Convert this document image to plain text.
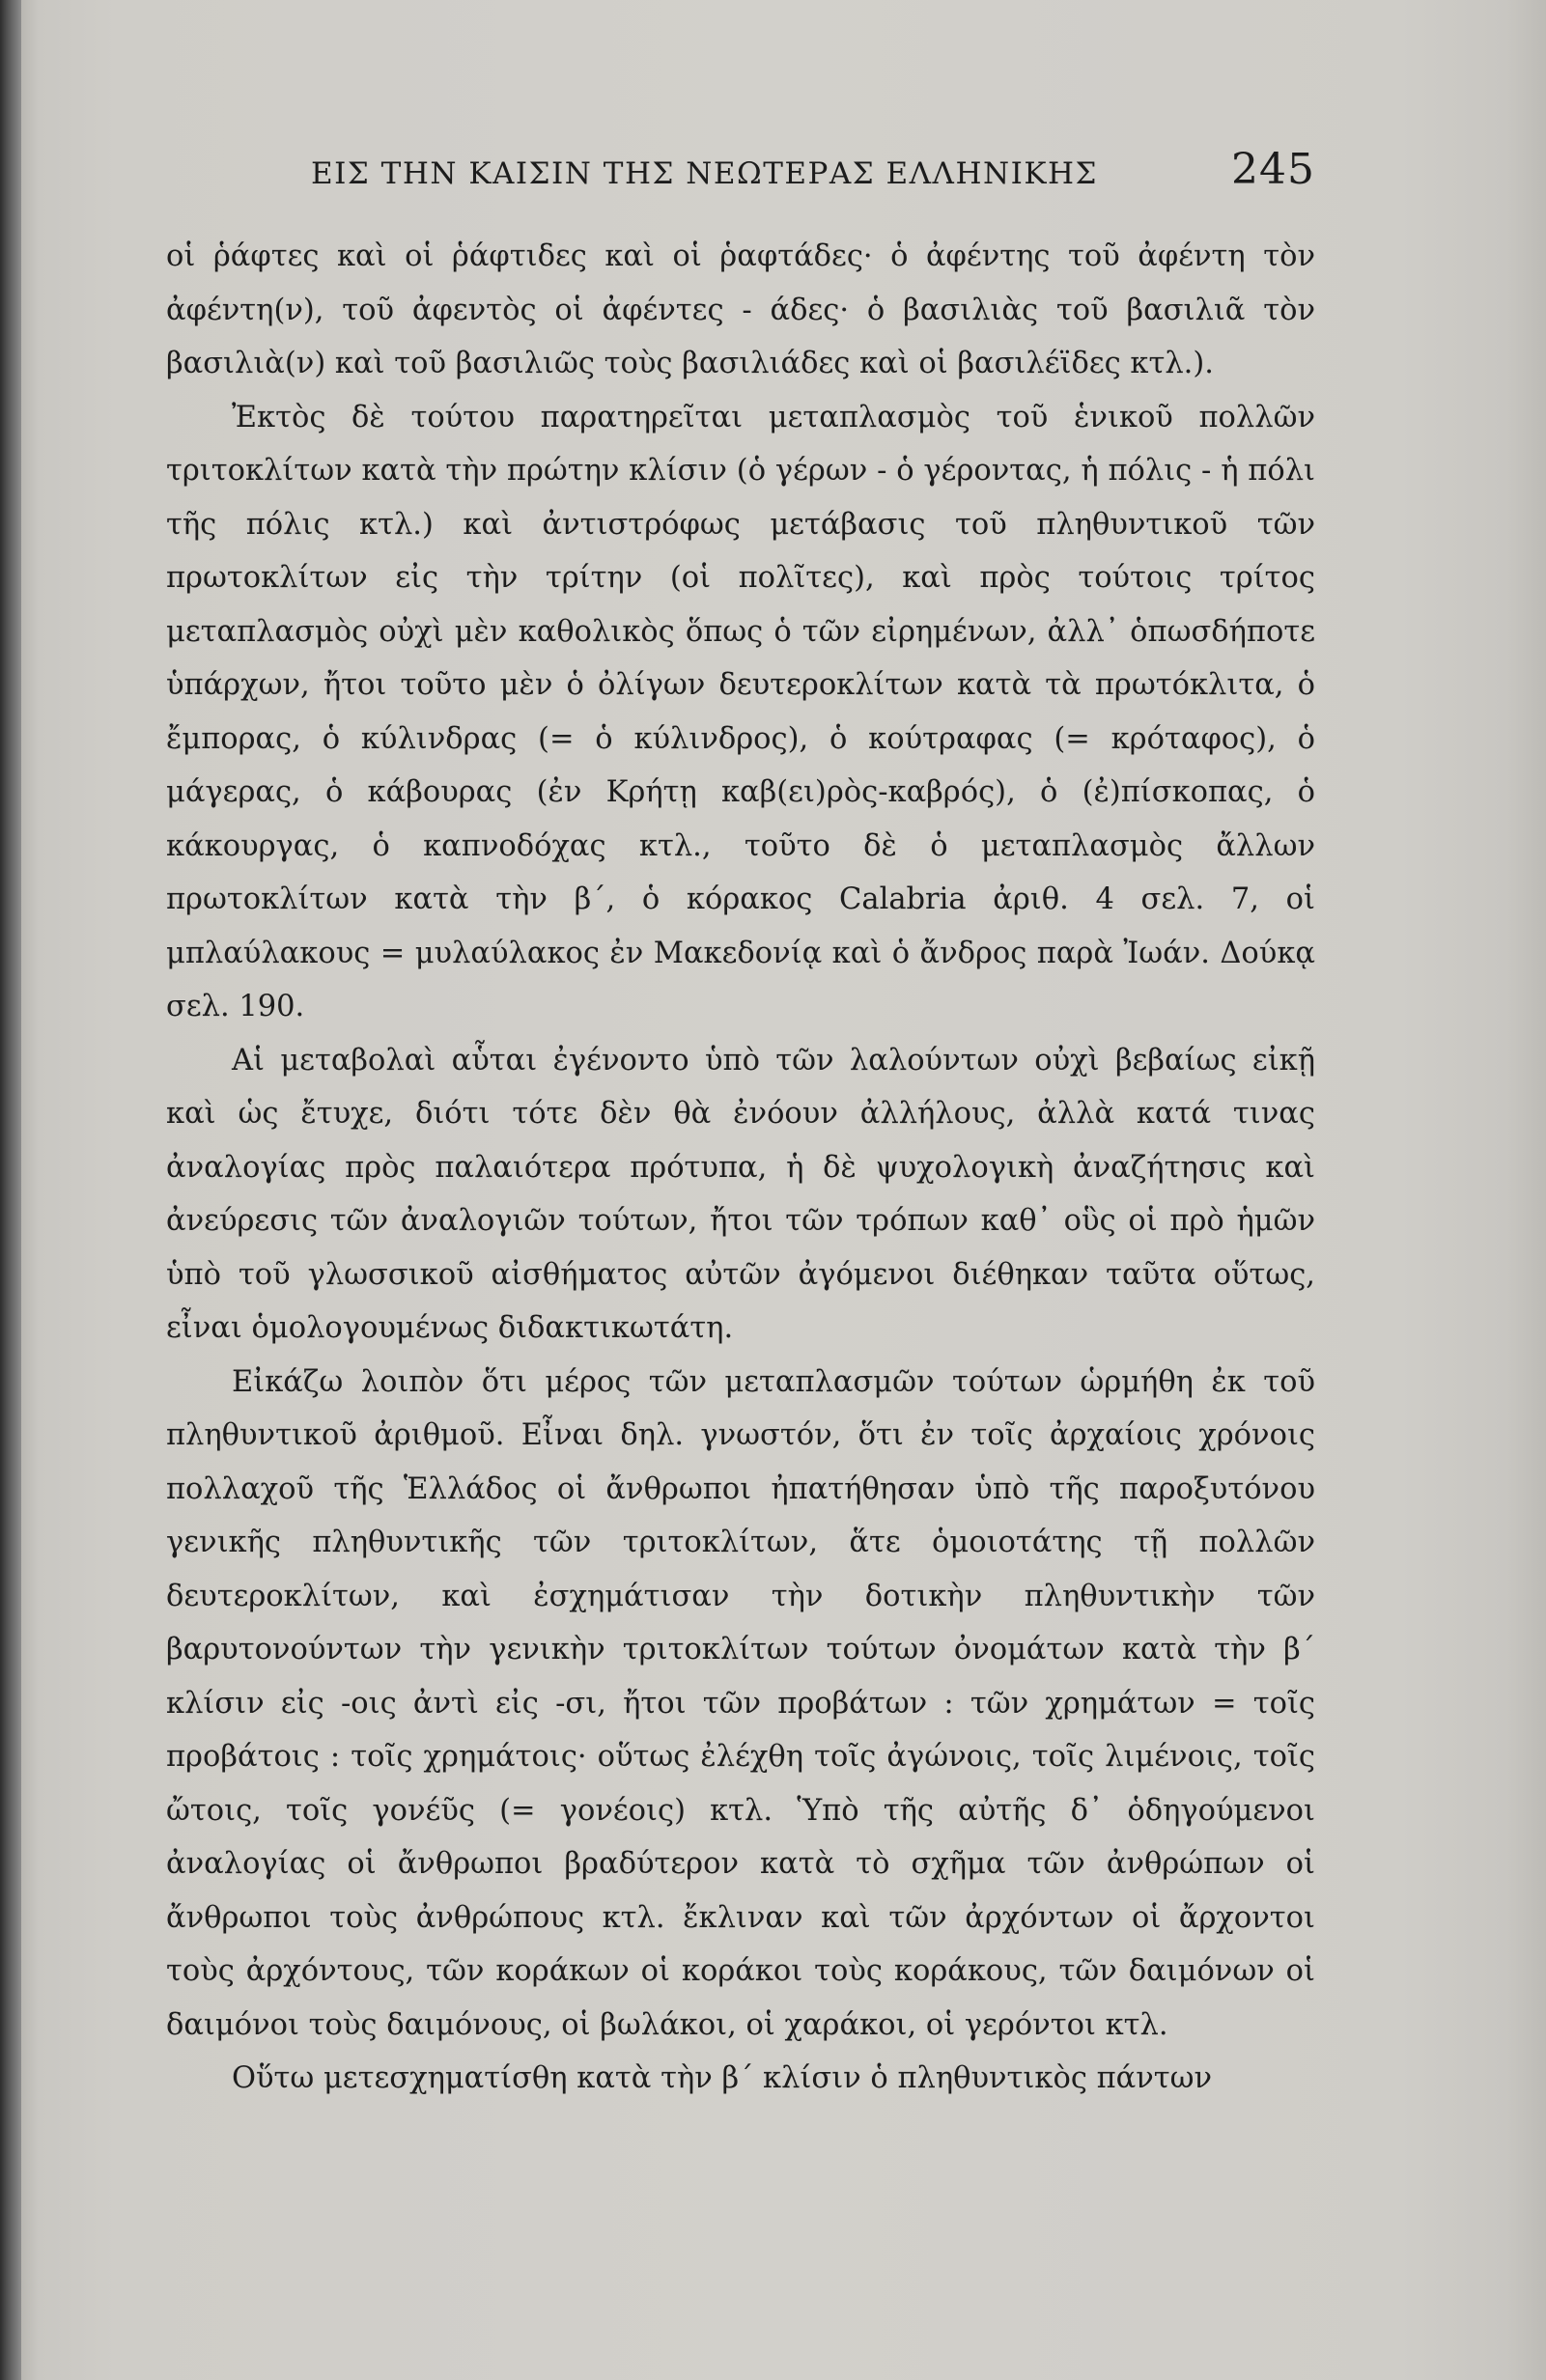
ΕΙΣ ΤΗΝ ΚΑΙΣΙΝ ΤΗΣ ΝΕΩΤΕΡΑΣ ΕΛΛΗΝΙΚΗΣ	245

οἱ ῥάφτες καὶ οἱ ῥάφτιδες καὶ οἱ ῥαφτάδες· ὁ ἀφέντης τοῦ ἀφέντη τὸν ἀφέντη(ν), τοῦ ἀφεντὸς οἱ ἀφέντες - άδες· ὁ βασιλιὰς τοῦ βασιλιᾶ τὸν βασιλιὰ(ν) καὶ τοῦ βασιλιῶς τοὺς βασιλιάδες καὶ οἱ βασιλέϊδες κτλ.).

Ἐκτὸς δὲ τούτου παρατηρεῖται μεταπλασμὸς τοῦ ἑνικοῦ πολλῶν τριτοκλίτων κατὰ τὴν πρώτην κλίσιν (ὁ γέρων - ὁ γέροντας, ἡ πόλις - ἡ πόλι τῆς πόλις κτλ.) καὶ ἀντιστρόφως μετάβασις τοῦ πληθυντικοῦ τῶν πρωτοκλίτων εἰς τὴν τρίτην (οἱ πολῖτες), καὶ πρὸς τούτοις τρίτος μεταπλασμὸς οὐχὶ μὲν καθολικὸς ὅπως ὁ τῶν εἰρημένων, ἀλλ᾽ ὁπωσδήποτε ὑπάρχων, ἤτοι τοῦτο μὲν ὁ ὀλίγων δευτεροκλίτων κατὰ τὰ πρωτόκλιτα, ὁ ἔμπορας, ὁ κύλινδρας (= ὁ κύλινδρος), ὁ κούτραφας (= κρόταφος), ὁ μάγερας, ὁ κάβουρας (ἐν Κρήτῃ καβ(ει)ρὸς-καβρός), ὁ (ἐ)πίσκοπας, ὁ κάκουργας, ὁ καπνοδόχας κτλ., τοῦτο δὲ ὁ μεταπλασμὸς ἄλλων πρωτοκλίτων κατὰ τὴν β΄, ὁ κόρακος Calabria ἀριθ. 4 σελ. 7, οἱ μπλαύλακους = μυλαύλακος ἐν Μακεδονίᾳ καὶ ὁ ἄνδρος παρὰ Ἰωάν. Δούκᾳ σελ. 190.

Αἱ μεταβολαὶ αὗται ἐγένοντο ὑπὸ τῶν λαλούντων οὐχὶ βεβαίως εἰκῇ καὶ ὡς ἔτυχε, διότι τότε δὲν θὰ ἐνόουν ἀλλήλους, ἀλλὰ κατά τινας ἀναλογίας πρὸς παλαιότερα πρότυπα, ἡ δὲ ψυχολογικὴ ἀναζήτησις καὶ ἀνεύρεσις τῶν ἀναλογιῶν τούτων, ἤτοι τῶν τρόπων καθ᾽ οὓς οἱ πρὸ ἡμῶν ὑπὸ τοῦ γλωσσικοῦ αἰσθήματος αὐτῶν ἀγόμενοι διέθηκαν ταῦτα οὕτως, εἶναι ὁμολογουμένως διδακτικωτάτη.

Εἰκάζω λοιπὸν ὅτι μέρος τῶν μεταπλασμῶν τούτων ὡρμήθη ἐκ τοῦ πληθυντικοῦ ἀριθμοῦ. Εἶναι δηλ. γνωστόν, ὅτι ἐν τοῖς ἀρχαίοις χρόνοις πολλαχοῦ τῆς Ἑλλάδος οἱ ἄνθρωποι ἠπατήθησαν ὑπὸ τῆς παροξυτόνου γενικῆς πληθυντικῆς τῶν τριτοκλίτων, ἅτε ὁμοιοτάτης τῇ πολλῶν δευτεροκλίτων, καὶ ἐσχημάτισαν τὴν δοτικὴν πληθυντικὴν τῶν βαρυτονούντων τὴν γενικὴν τριτοκλίτων τούτων ὀνομάτων κατὰ τὴν β΄ κλίσιν εἰς -οις ἀντὶ εἰς -σι, ἤτοι τῶν προβάτων : τῶν χρημάτων = τοῖς προβάτοις : τοῖς χρημάτοις· οὕτως ἐλέχθη τοῖς ἀγώνοις, τοῖς λιμένοις, τοῖς ὤτοις, τοῖς γονέῦς (= γονέοις) κτλ. Ὑπὸ τῆς αὐτῆς δ᾽ ὁδηγούμενοι ἀναλογίας οἱ ἄνθρωποι βραδύτερον κατὰ τὸ σχῆμα τῶν ἀνθρώπων οἱ ἄνθρωποι τοὺς ἀνθρώπους κτλ. ἔκλιναν καὶ τῶν ἀρχόντων οἱ ἄρχοντοι τοὺς ἀρχόντους, τῶν κοράκων οἱ κοράκοι τοὺς κοράκους, τῶν δαιμόνων οἱ δαιμόνοι τοὺς δαιμόνους, οἱ βωλάκοι, οἱ χαράκοι, οἱ γερόντοι κτλ.

Οὕτω μετεσχηματίσθη κατὰ τὴν β΄ κλίσιν ὁ πληθυντικὸς πάντων
